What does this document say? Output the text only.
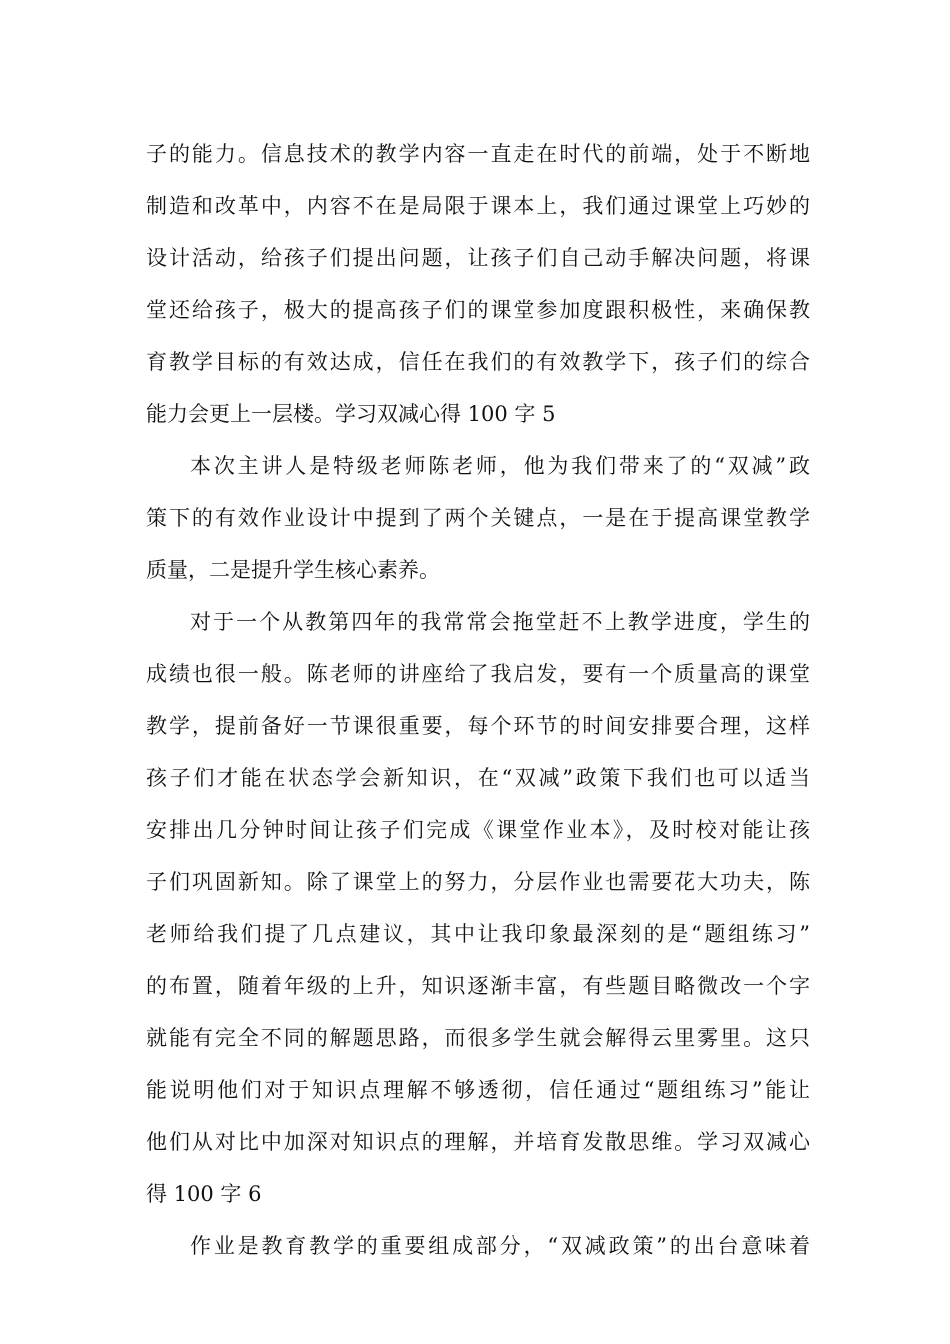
子的能力。信息技术的教学内容一直走在时代的前端，处于不断地
制造和改革中，内容不在是局限于课本上，我们通过课堂上巧妙的
设计活动，给孩子们提出问题，让孩子们自己动手解决问题，将课
堂还给孩子，极大的提高孩子们的课堂参加度跟积极性，来确保教
育教学目标的有效达成，信任在我们的有效教学下，孩子们的综合
能力会更上一层楼。学习双减心得 100 字 5
本次主讲人是特级老师陈老师，他为我们带来了的“双减”政
策下的有效作业设计中提到了两个关键点，一是在于提高课堂教学
质量，二是提升学生核心素养。
对于一个从教第四年的我常常会拖堂赶不上教学进度，学生的
成绩也很一般。陈老师的讲座给了我启发，要有一个质量高的课堂
教学，提前备好一节课很重要，每个环节的时间安排要合理，这样
孩子们才能在状态学会新知识，在“双减”政策下我们也可以适当
安排出几分钟时间让孩子们完成《课堂作业本》，及时校对能让孩
子们巩固新知。除了课堂上的努力，分层作业也需要花大功夫，陈
老师给我们提了几点建议，其中让我印象最深刻的是“题组练习”
的布置，随着年级的上升，知识逐渐丰富，有些题目略微改一个字
就能有完全不同的解题思路，而很多学生就会解得云里雾里。这只
能说明他们对于知识点理解不够透彻，信任通过“题组练习”能让
他们从对比中加深对知识点的理解，并培育发散思维。学习双减心
得 100 字 6
作业是教育教学的重要组成部分，“双减政策”的出台意味着
